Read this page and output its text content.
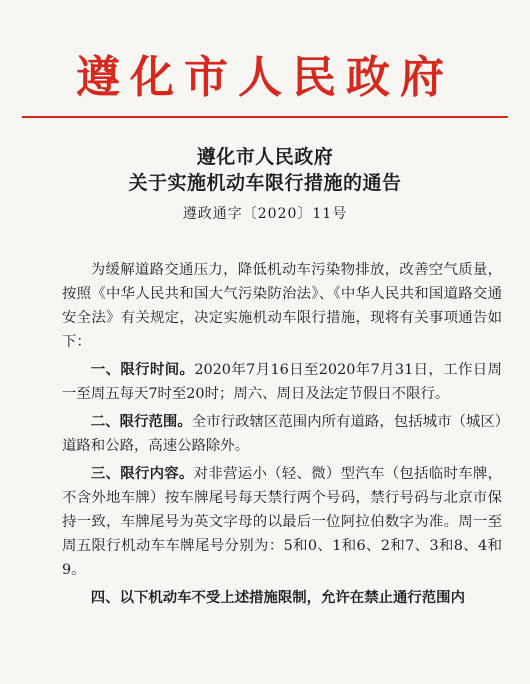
遵化市人民政府
遵化市人民政府
关于实施机动车限行措施的通告
遵政通字〔2020〕11号

为缓解道路交通压力，降低机动车污染物排放，改善空气质量，按照《中华人民共和国大气污染防治法》、《中华人民共和国道路交通安全法》有关规定，决定实施机动车限行措施，现将有关事项通告如下：

一、限行时间。2020年7月16日至2020年7月31日，工作日周一至周五每天7时至20时；周六、周日及法定节假日不限行。

二、限行范围。全市行政辖区范围内所有道路，包括城市（城区）道路和公路，高速公路除外。

三、限行内容。对非营运小（轻、微）型汽车（包括临时车牌，不含外地车牌）按车牌尾号每天禁行两个号码，禁行号码与北京市保持一致，车牌尾号为英文字母的以最后一位阿拉伯数字为准。周一至周五限行机动车车牌尾号分别为：5和0、1和6、2和7、3和8、4和9。

四、以下机动车不受上述措施限制，允许在禁止通行范围内
